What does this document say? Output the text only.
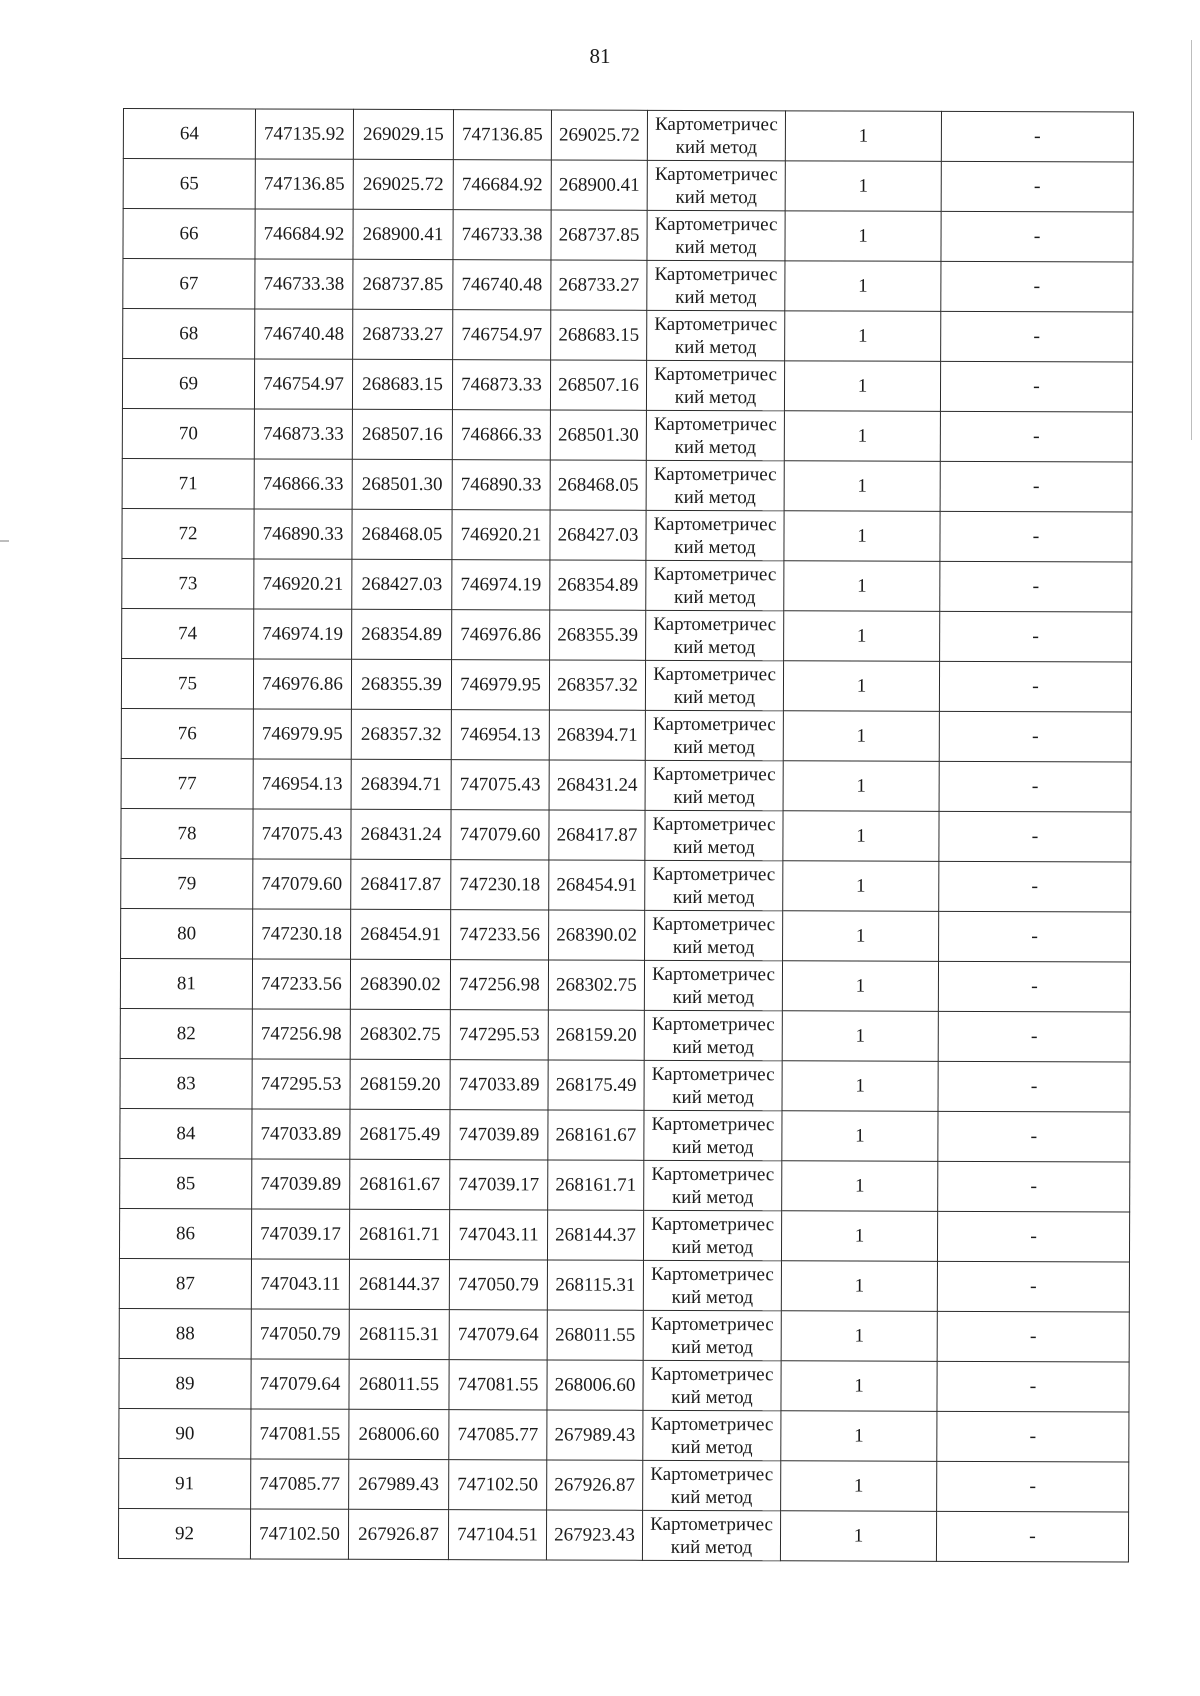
81
64	747135.92	269029.15	747136.85	269025.72	Картометричес
кий метод	1	-
65	747136.85	269025.72	746684.92	268900.41	Картометричес
кий метод	1	-
66	746684.92	268900.41	746733.38	268737.85	Картометричес
кий метод	1	-
67	746733.38	268737.85	746740.48	268733.27	Картометричес
кий метод	1	-
68	746740.48	268733.27	746754.97	268683.15	Картометричес
кий метод	1	-
69	746754.97	268683.15	746873.33	268507.16	Картометричес
кий метод	1	-
70	746873.33	268507.16	746866.33	268501.30	Картометричес
кий метод	1	-
71	746866.33	268501.30	746890.33	268468.05	Картометричес
кий метод	1	-
72	746890.33	268468.05	746920.21	268427.03	Картометричес
кий метод	1	-
73	746920.21	268427.03	746974.19	268354.89	Картометричес
кий метод	1	-
74	746974.19	268354.89	746976.86	268355.39	Картометричес
кий метод	1	-
75	746976.86	268355.39	746979.95	268357.32	Картометричес
кий метод	1	-
76	746979.95	268357.32	746954.13	268394.71	Картометричес
кий метод	1	-
77	746954.13	268394.71	747075.43	268431.24	Картометричес
кий метод	1	-
78	747075.43	268431.24	747079.60	268417.87	Картометричес
кий метод	1	-
79	747079.60	268417.87	747230.18	268454.91	Картометричес
кий метод	1	-
80	747230.18	268454.91	747233.56	268390.02	Картометричес
кий метод	1	-
81	747233.56	268390.02	747256.98	268302.75	Картометричес
кий метод	1	-
82	747256.98	268302.75	747295.53	268159.20	Картометричес
кий метод	1	-
83	747295.53	268159.20	747033.89	268175.49	Картометричес
кий метод	1	-
84	747033.89	268175.49	747039.89	268161.67	Картометричес
кий метод	1	-
85	747039.89	268161.67	747039.17	268161.71	Картометричес
кий метод	1	-
86	747039.17	268161.71	747043.11	268144.37	Картометричес
кий метод	1	-
87	747043.11	268144.37	747050.79	268115.31	Картометричес
кий метод	1	-
88	747050.79	268115.31	747079.64	268011.55	Картометричес
кий метод	1	-
89	747079.64	268011.55	747081.55	268006.60	Картометричес
кий метод	1	-
90	747081.55	268006.60	747085.77	267989.43	Картометричес
кий метод	1	-
91	747085.77	267989.43	747102.50	267926.87	Картометричес
кий метод	1	-
92	747102.50	267926.87	747104.51	267923.43	Картометричес
кий метод	1	-
